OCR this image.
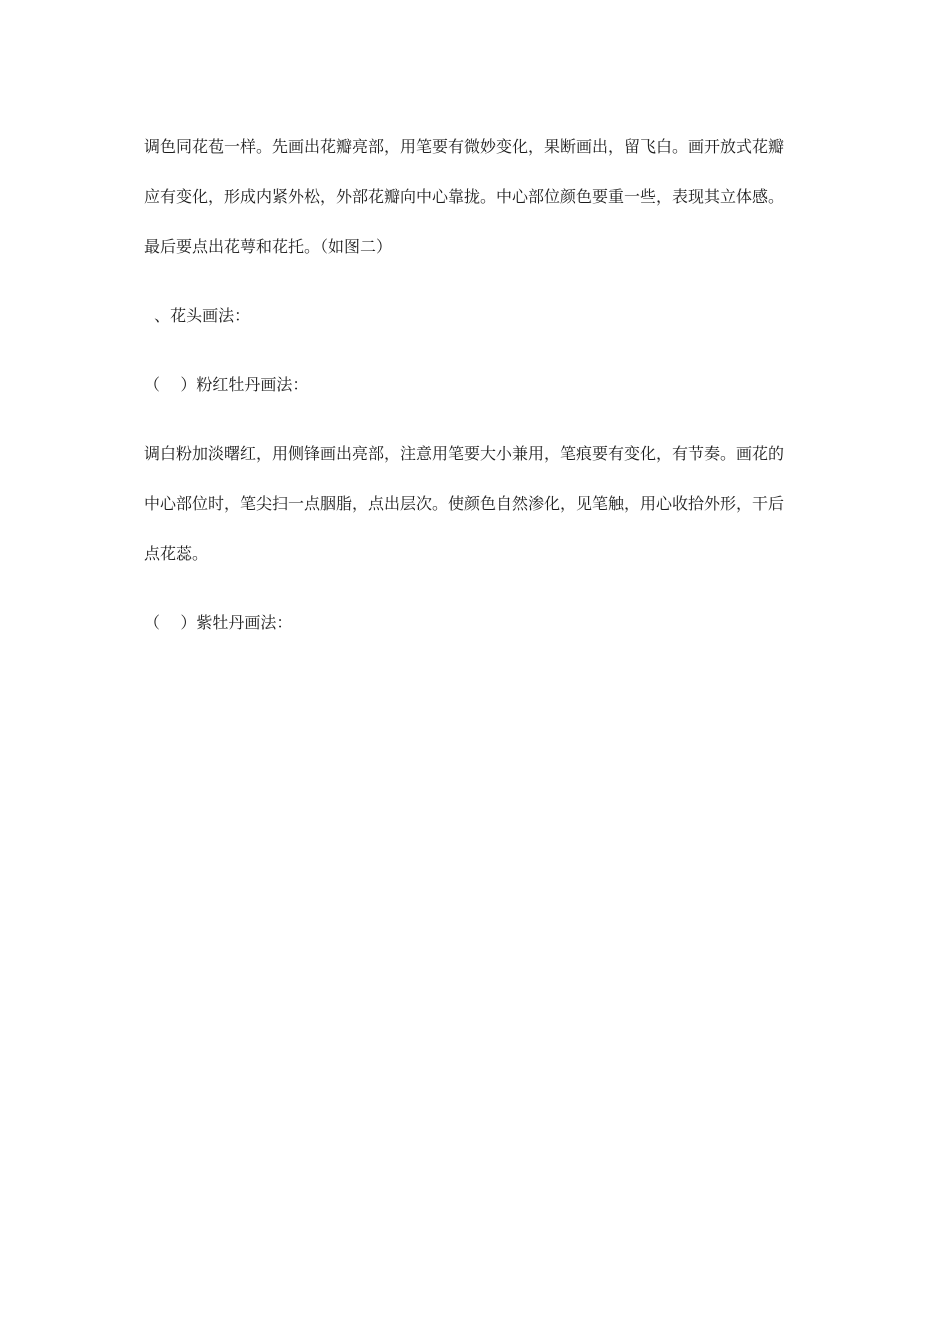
调色同花苞一样。先画出花瓣亮部，用笔要有微妙变化，果断画出，留飞白。画开放式花瓣
应有变化，形成内紧外松，外部花瓣向中心靠拢。中心部位颜色要重一些，表现其立体感。
最后要点出花萼和花托。（如图二）
、花头画法：
（    ）粉红牡丹画法：
调白粉加淡曙红，用侧锋画出亮部，注意用笔要大小兼用，笔痕要有变化，有节奏。画花的
中心部位时，笔尖扫一点胭脂，点出层次。使颜色自然渗化，见笔触，用心收拾外形，干后
点花蕊。
（    ）紫牡丹画法：
